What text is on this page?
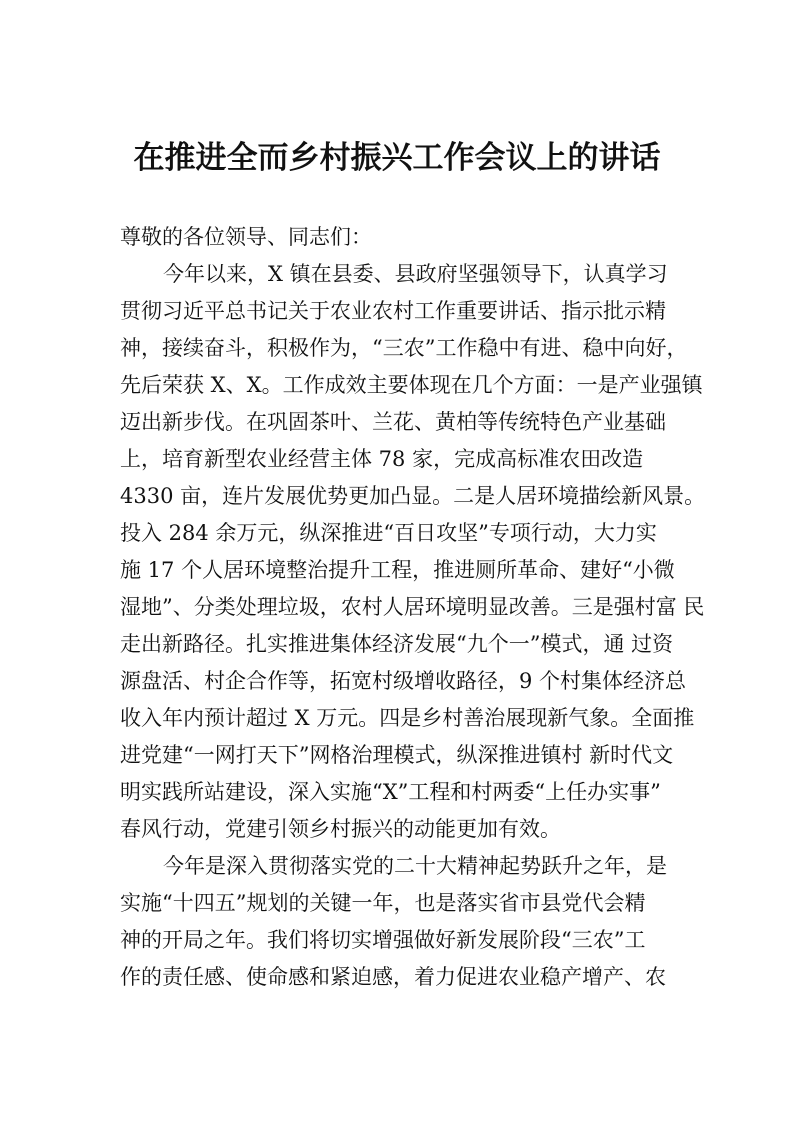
在推进全而乡村振兴工作会议上的讲话
尊敬的各位领导、同志们：
今年以来，X 镇在县委、县政府坚强领导下，认真学习
贯彻习近平总书记关于农业农村工作重要讲话、指示批示精
神，接续奋斗，积极作为，“三农”工作稳中有进、稳中向好，
先后荣获 X、X。工作成效主要体现在几个方面：一是产业强镇
迈出新步伐。在巩固茶叶、兰花、黄柏等传统特色产业基础
上，培育新型农业经营主体 78 家，完成高标准农田改造
4330 亩，连片发展优势更加凸显。二是人居环境描绘新风景。
投入 284 余万元，纵深推进“百日攻坚”专项行动，大力实
施 17 个人居环境整治提升工程，推进厕所革命、建好“小微
湿地”、分类处理垃圾，农村人居环境明显改善。三是强村富 民
走出新路径。扎实推进集体经济发展“九个一”模式，通 过资
源盘活、村企合作等，拓宽村级增收路径，9 个村集体经济总
收入年内预计超过 X 万元。四是乡村善治展现新气象。全面推
进党建“一网打天下”网格治理模式，纵深推进镇村 新时代文
明实践所站建设，深入实施“X”工程和村两委“上任办实事”
春风行动，党建引领乡村振兴的动能更加有效。
今年是深入贯彻落实党的二十大精神起势跃升之年，是
实施“十四五”规划的关键一年，也是落实省市县党代会精
神的开局之年。我们将切实增强做好新发展阶段“三农”工
作的责任感、使命感和紧迫感，着力促进农业稳产增产、农
